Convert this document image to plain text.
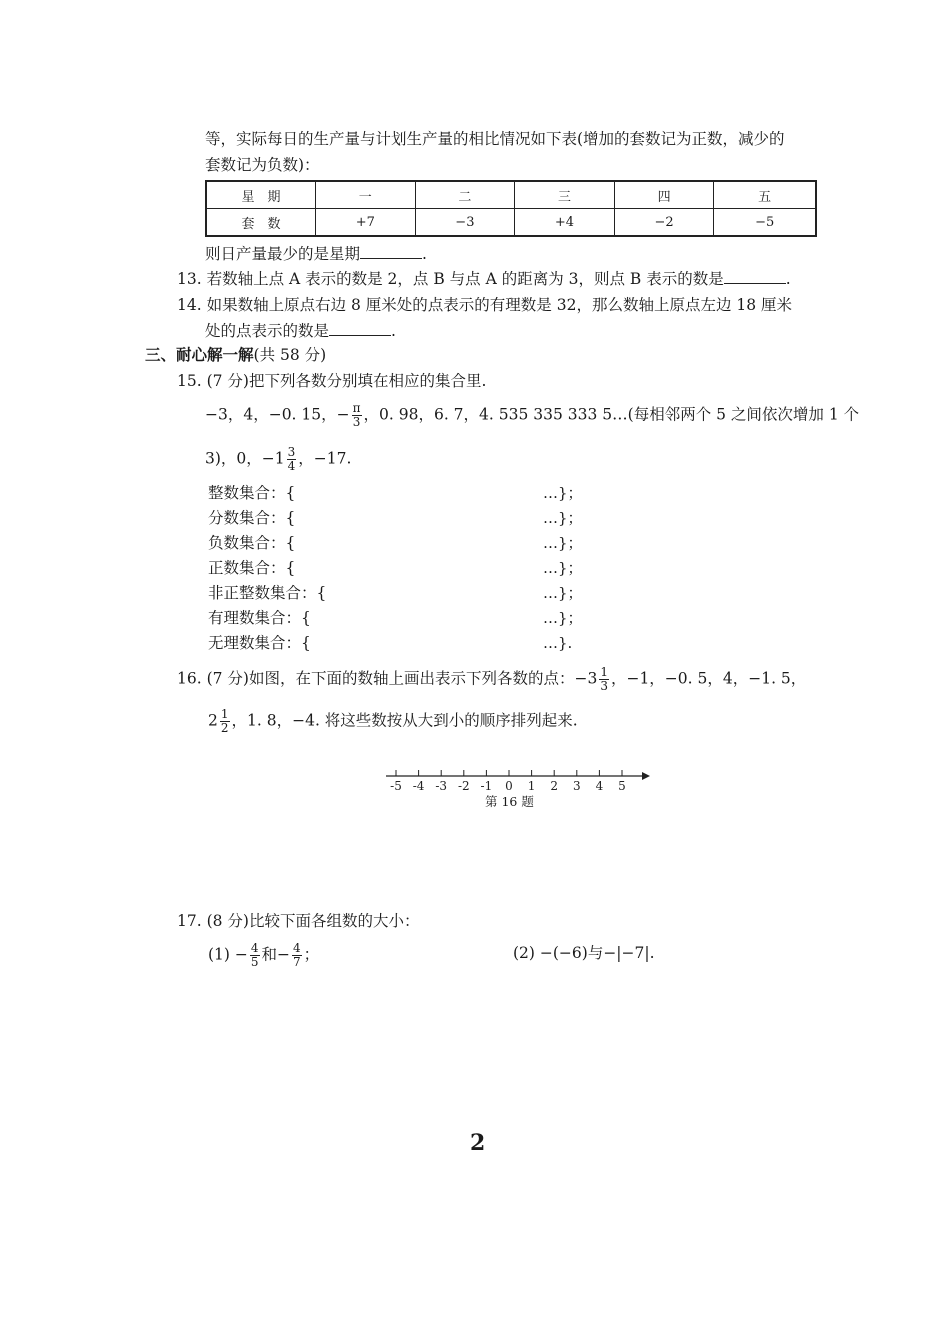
等，实际每日的生产量与计划生产量的相比情况如下表(增加的套数记为正数，减少的
套数记为负数)：
星　期	一	二	三	四	五
套　数	+7	−3	+4	−2	−5
则日产量最少的是星期	.
13. 若数轴上点 A 表示的数是 2，点 B 与点 A 的距离为 3，则点 B 表示的数是	.
14. 如果数轴上原点右边 8 厘米处的点表示的有理数是 32，那么数轴上原点左边 18 厘米
处的点表示的数是	.
三、耐心解一解(共 58 分)
15. (7 分)把下列各数分别填在相应的集合里.
−3，4，−0. 15，− $\frac{\pi}{3}$ ，0. 98，6. 7，4. 535 335 333 5…(每相邻两个 5 之间依次增加 1 个
3)，0，$-1 \frac{3}{4}$ ，−17.
整数集合：{	…}；
分数集合：{	…}；
负数集合：{	…}；
正数集合：{	…}；
非正整数集合：{	…}；
有理数集合：{	…}；
无理数集合：{	…}.
16. (7 分)如图，在下面的数轴上画出表示下列各数的点：$-3 \frac{1}{3}$ ，−1，−0. 5，4，−1. 5，
$2 \frac{1}{2}$ ，1. 8，−4. 将这些数按从大到小的顺序排列起来.
-5 -4 -3 -2 -1 0 1 2 3 4 5
第 16 题
17. (8 分)比较下面各组数的大小：
$(1) - \frac{4}{5}$ 和− $\frac{4}{7}$ ；	(2) −(−6)与−|−7|.
2
